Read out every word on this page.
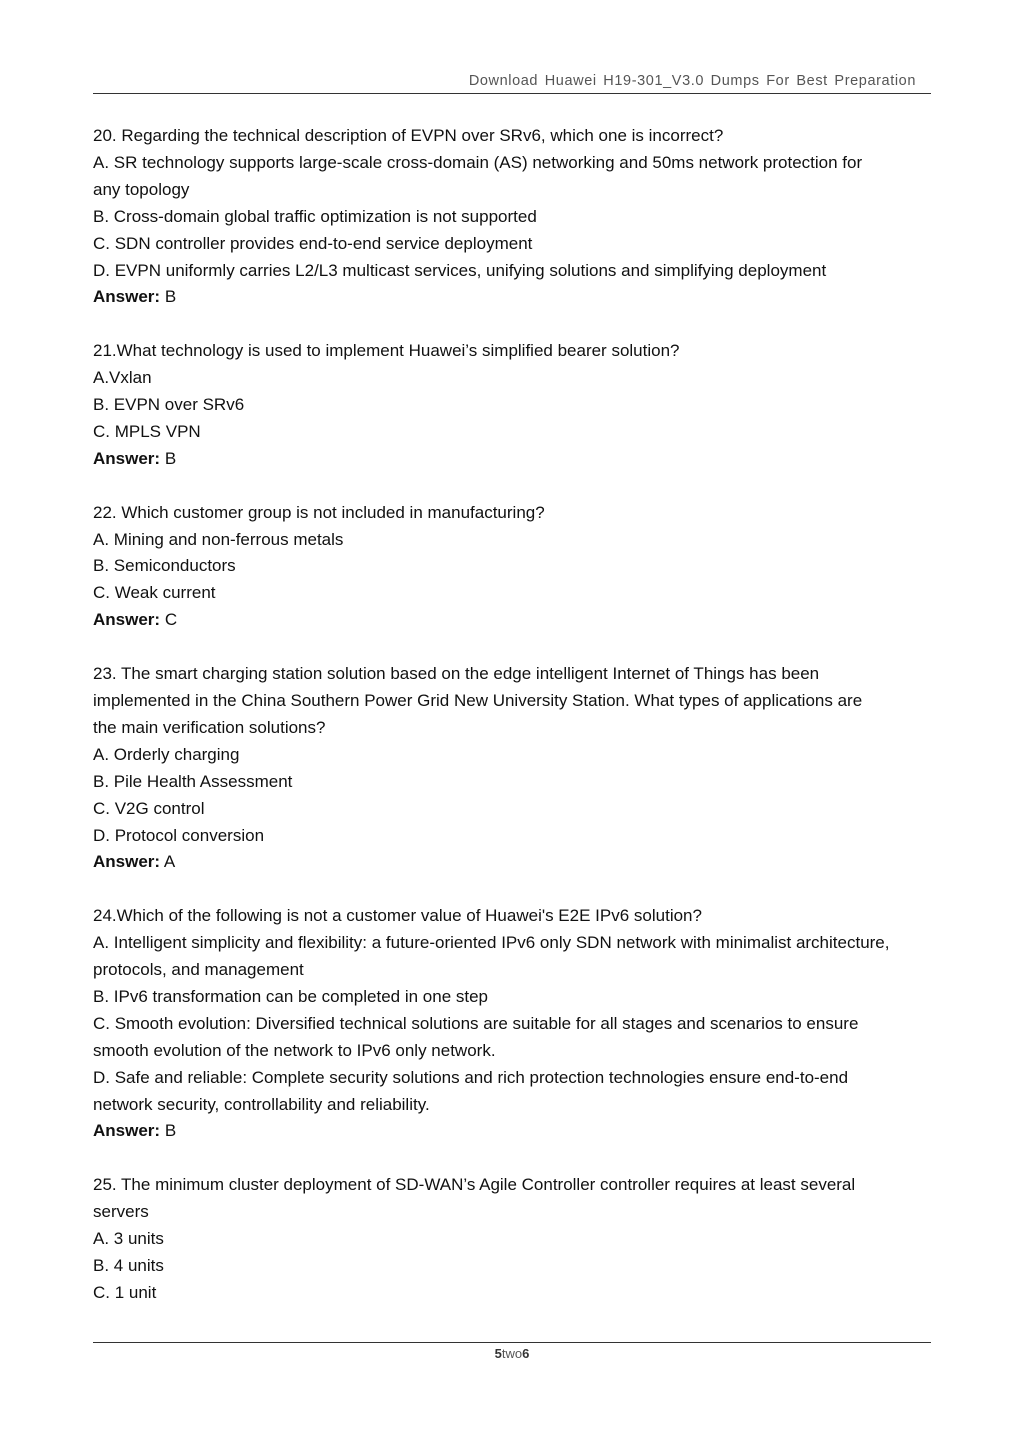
Download Huawei H19-301_V3.0 Dumps For Best Preparation

20. Regarding the technical description of EVPN over SRv6, which one is incorrect?

A. SR technology supports large-scale cross-domain (AS) networking and 50ms network protection for

any topology

B. Cross-domain global traffic optimization is not supported

C. SDN controller provides end-to-end service deployment

D. EVPN uniformly carries L2/L3 multicast services, unifying solutions and simplifying deployment

Answer: B

21.What technology is used to implement Huawei’s simplified bearer solution?

A.Vxlan

B. EVPN over SRv6

C. MPLS VPN

Answer: B

22. Which customer group is not included in manufacturing?

A. Mining and non-ferrous metals

B. Semiconductors

C. Weak current

Answer: C

23. The smart charging station solution based on the edge intelligent Internet of Things has been

implemented in the China Southern Power Grid New University Station. What types of applications are

the main verification solutions?

A. Orderly charging

B. Pile Health Assessment

C. V2G control

D. Protocol conversion

Answer: A

24.Which of the following is not a customer value of Huawei's E2E IPv6 solution?

A. Intelligent simplicity and flexibility: a future-oriented IPv6 only SDN network with minimalist architecture,

protocols, and management

B. IPv6 transformation can be completed in one step

C. Smooth evolution: Diversified technical solutions are suitable for all stages and scenarios to ensure

smooth evolution of the network to IPv6 only network.

D. Safe and reliable: Complete security solutions and rich protection technologies ensure end-to-end

network security, controllability and reliability.

Answer: B

25. The minimum cluster deployment of SD-WAN’s Agile Controller controller requires at least several

servers

A. 3 units

B. 4 units

C. 1 unit

5two6
